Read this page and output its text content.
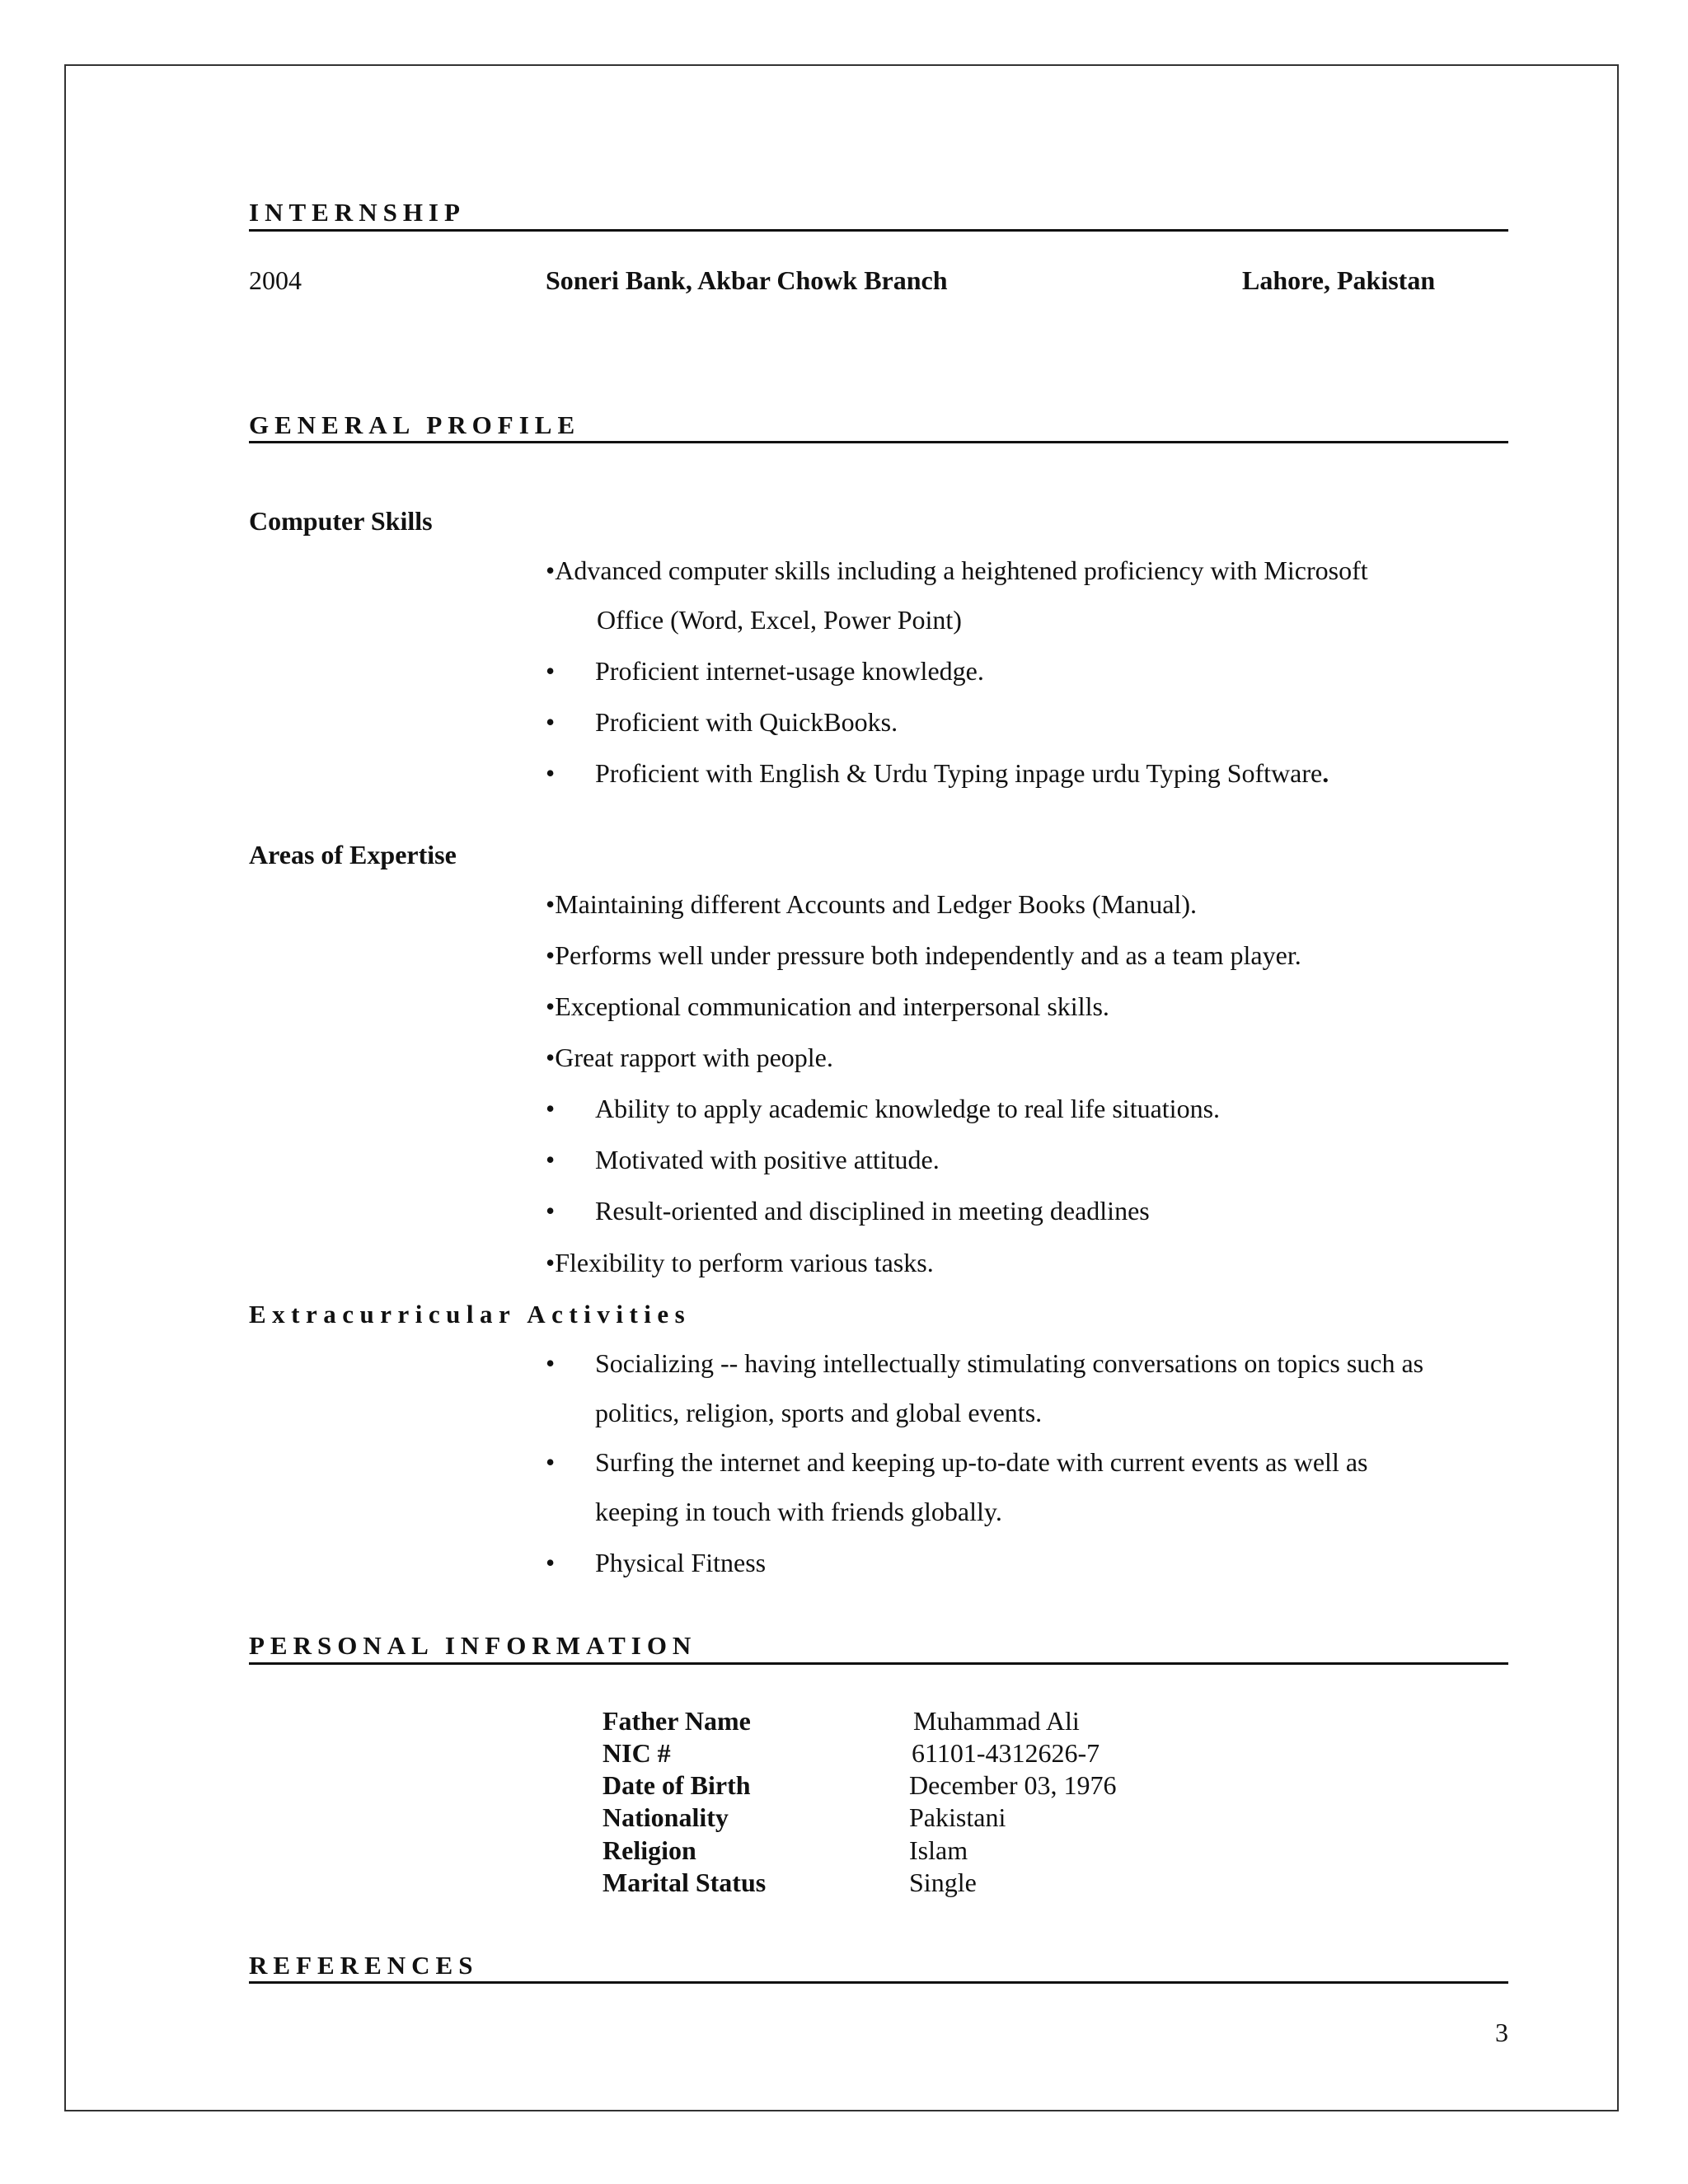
INTERNSHIP
2004	Soneri Bank, Akbar Chowk Branch	Lahore, Pakistan
GENERAL PROFILE
Computer Skills
•Advanced computer skills including a heightened proficiency with Microsoft
Office (Word, Excel, Power Point)
• Proficient internet-usage knowledge.
• Proficient with QuickBooks.
• Proficient with English & Urdu Typing inpage urdu Typing Software.
Areas of Expertise
•Maintaining different Accounts and Ledger Books (Manual).
•Performs well under pressure both independently and as a team player.
•Exceptional communication and interpersonal skills.
•Great rapport with people.
• Ability to apply academic knowledge to real life situations.
• Motivated with positive attitude.
• Result-oriented and disciplined in meeting deadlines
•Flexibility to perform various tasks.
Extracurricular Activities
• Socializing -- having intellectually stimulating conversations on topics such as
politics, religion, sports and global events.
• Surfing the internet and keeping up-to-date with current events as well as
keeping in touch with friends globally.
• Physical Fitness
PERSONAL INFORMATION
Father Name	Muhammad Ali
NIC #	61101-4312626-7
Date of Birth	December 03, 1976
Nationality	Pakistani
Religion	Islam
Marital Status	Single
REFERENCES
3
